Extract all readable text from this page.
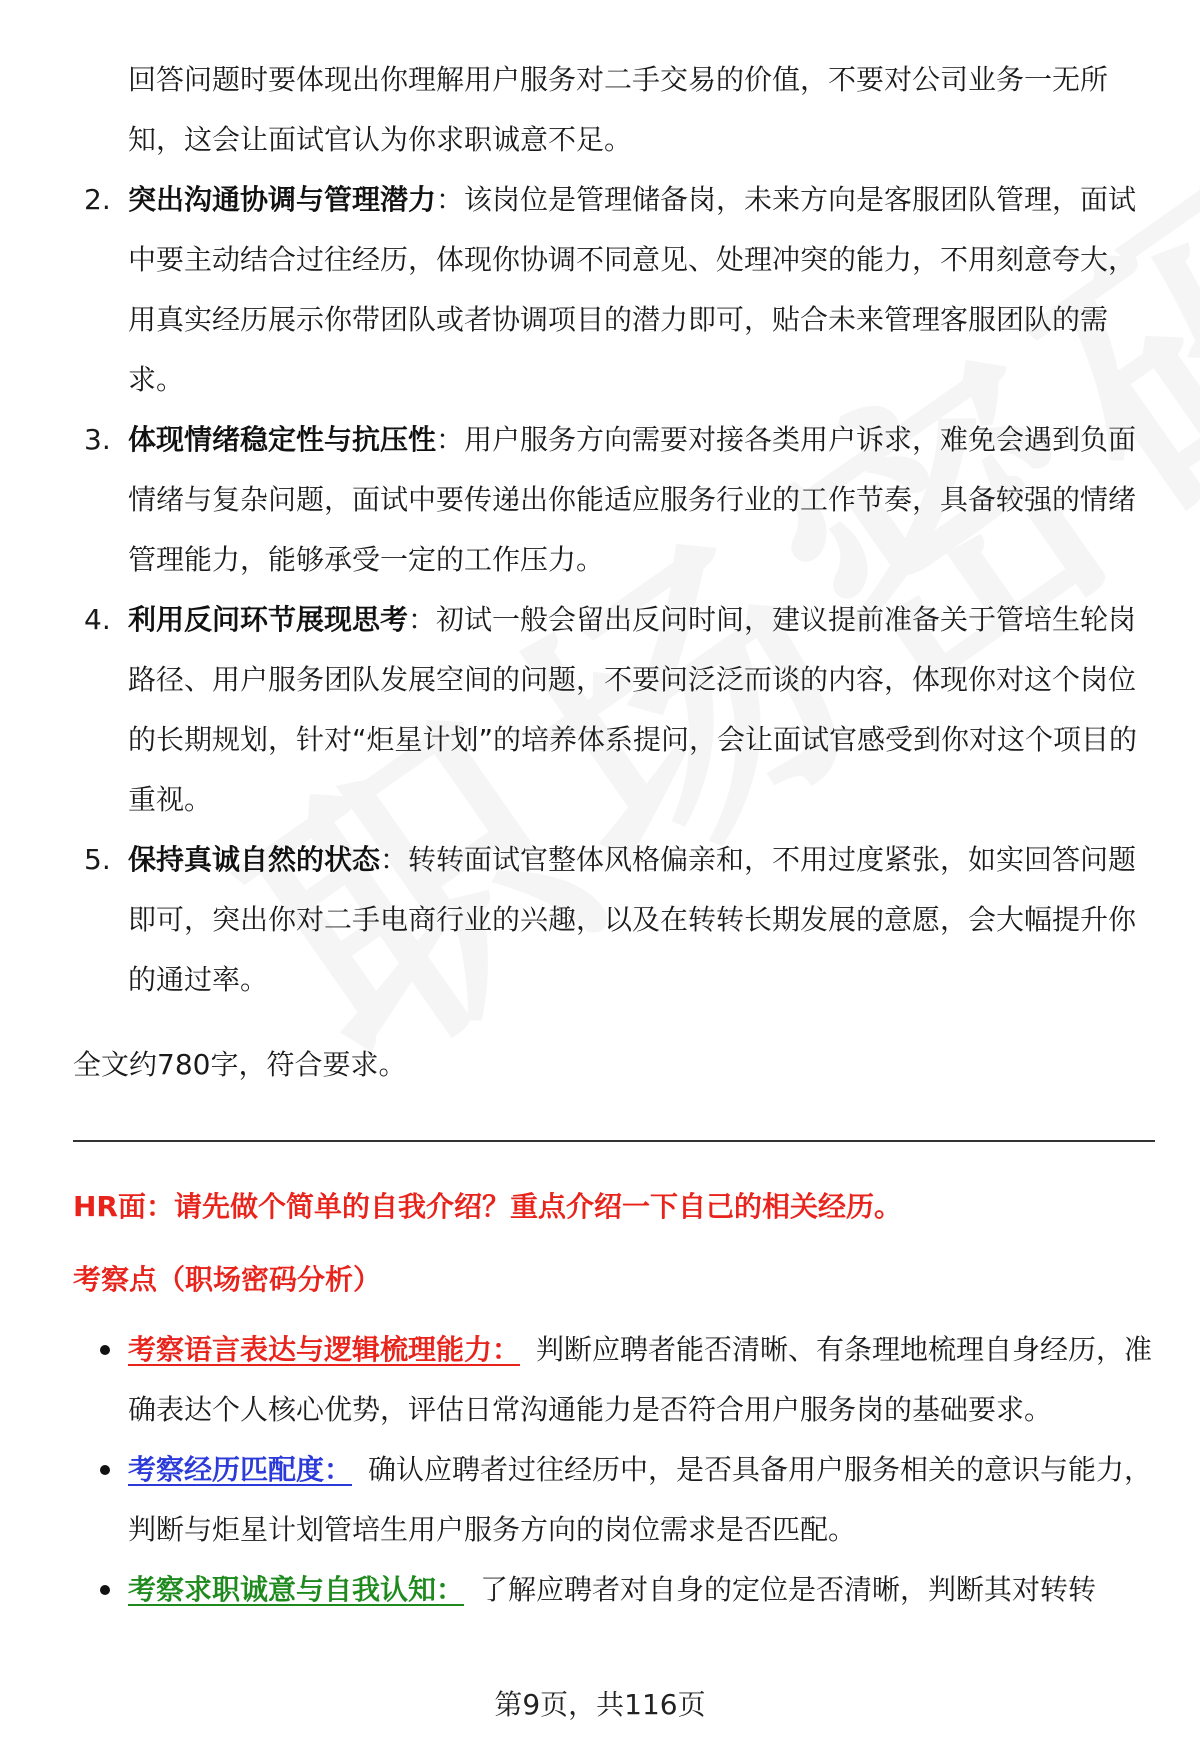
回答问题时要体现出你理解用户服务对二手交易的价值，不要对公司业务一无所知，这会让面试官认为你求职诚意不足。
2. 突出沟通协调与管理潜力：该岗位是管理储备岗，未来方向是客服团队管理，面试中要主动结合过往经历，体现你协调不同意见、处理冲突的能力，不用刻意夸大，用真实经历展示你带团队或者协调项目的潜力即可，贴合未来管理客服团队的需求。
3. 体现情绪稳定性与抗压性：用户服务方向需要对接各类用户诉求，难免会遇到负面情绪与复杂问题，面试中要传递出你能适应服务行业的工作节奏，具备较强的情绪管理能力，能够承受一定的工作压力。
4. 利用反问环节展现思考：初试一般会留出反问时间，建议提前准备关于管培生轮岗路径、用户服务团队发展空间的问题，不要问泛泛而谈的内容，体现你对这个岗位的长期规划，针对“炬星计划”的培养体系提问，会让面试官感受到你对这个项目的重视。
5. 保持真诚自然的状态：转转面试官整体风格偏亲和，不用过度紧张，如实回答问题即可，突出你对二手电商行业的兴趣，以及在转转长期发展的意愿，会大幅提升你的通过率。
全文约780字，符合要求。
HR面：请先做个简单的自我介绍？重点介绍一下自己的相关经历。
考察点（职场密码分析）
考察语言表达与逻辑梳理能力： 判断应聘者能否清晰、有条理地梳理自身经历，准确表达个人核心优势，评估日常沟通能力是否符合用户服务岗的基础要求。
考察经历匹配度： 确认应聘者过往经历中，是否具备用户服务相关的意识与能力，判断与炬星计划管培生用户服务方向的岗位需求是否匹配。
考察求职诚意与自我认知： 了解应聘者对自身的定位是否清晰，判断其对转转
第9页，共116页
